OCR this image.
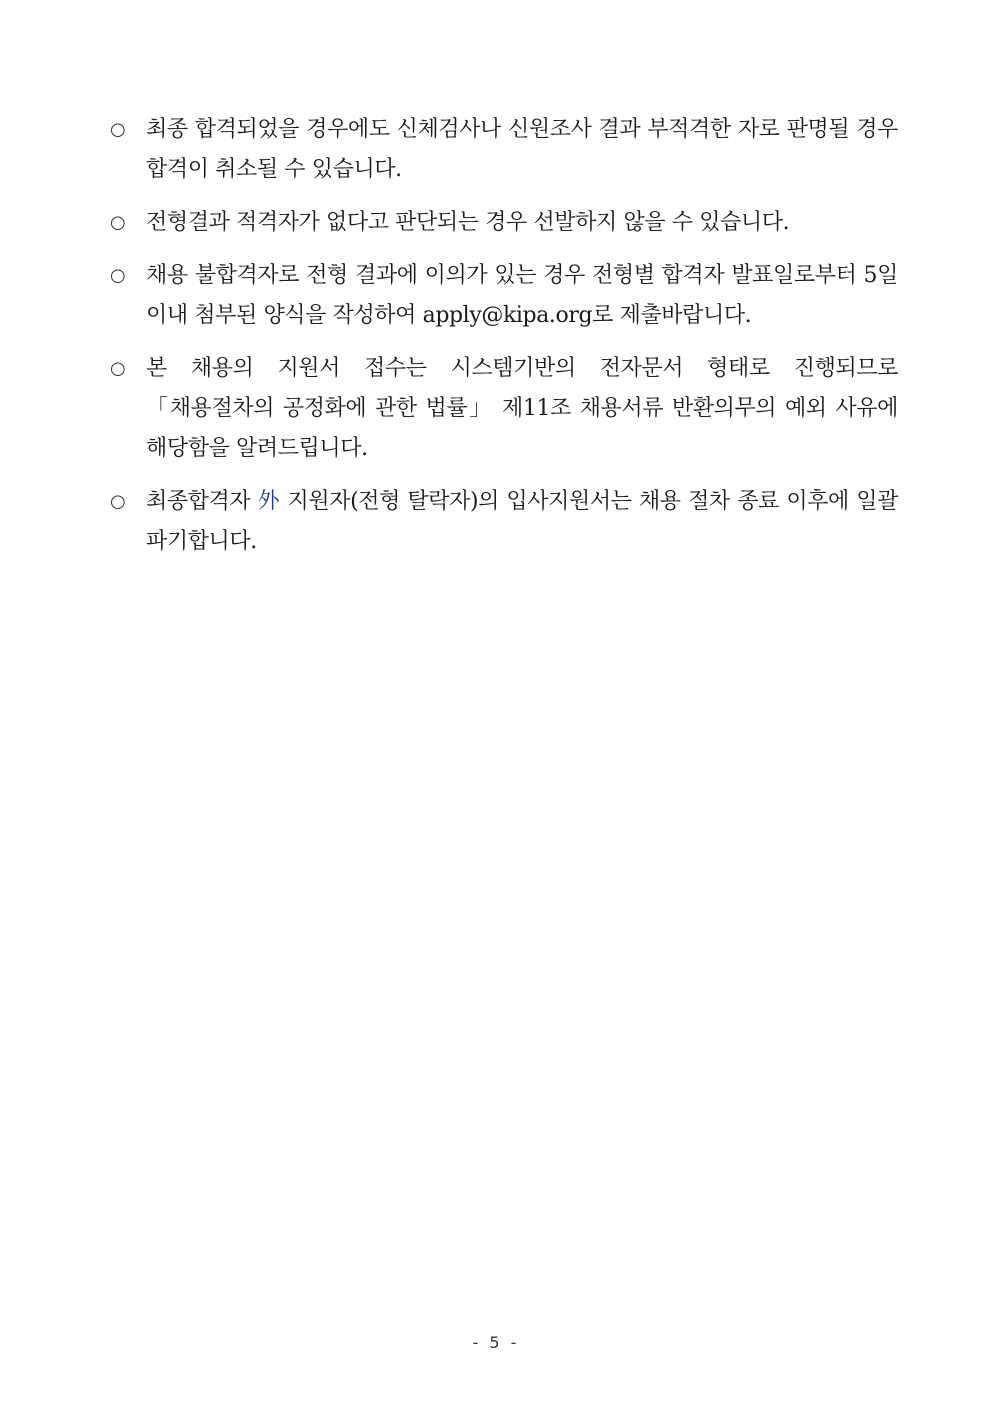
○ 최종 합격되었을 경우에도 신체검사나 신원조사 결과 부적격한 자로 판명될 경우 합격이 취소될 수 있습니다.
○ 전형결과 적격자가 없다고 판단되는 경우 선발하지 않을 수 있습니다.
○ 채용 불합격자로 전형 결과에 이의가 있는 경우 전형별 합격자 발표일로부터 5일 이내 첨부된 양식을 작성하여 apply@kipa.org로 제출바랍니다.
○ 본 채용의 지원서 접수는 시스템기반의 전자문서 형태로 진행되므로 「채용절차의 공정화에 관한 법률」 제11조 채용서류 반환의무의 예외 사유에 해당함을 알려드립니다.
○ 최종합격자 外 지원자(전형 탈락자)의 입사지원서는 채용 절차 종료 이후에 일괄 파기합니다.
- 5 -
